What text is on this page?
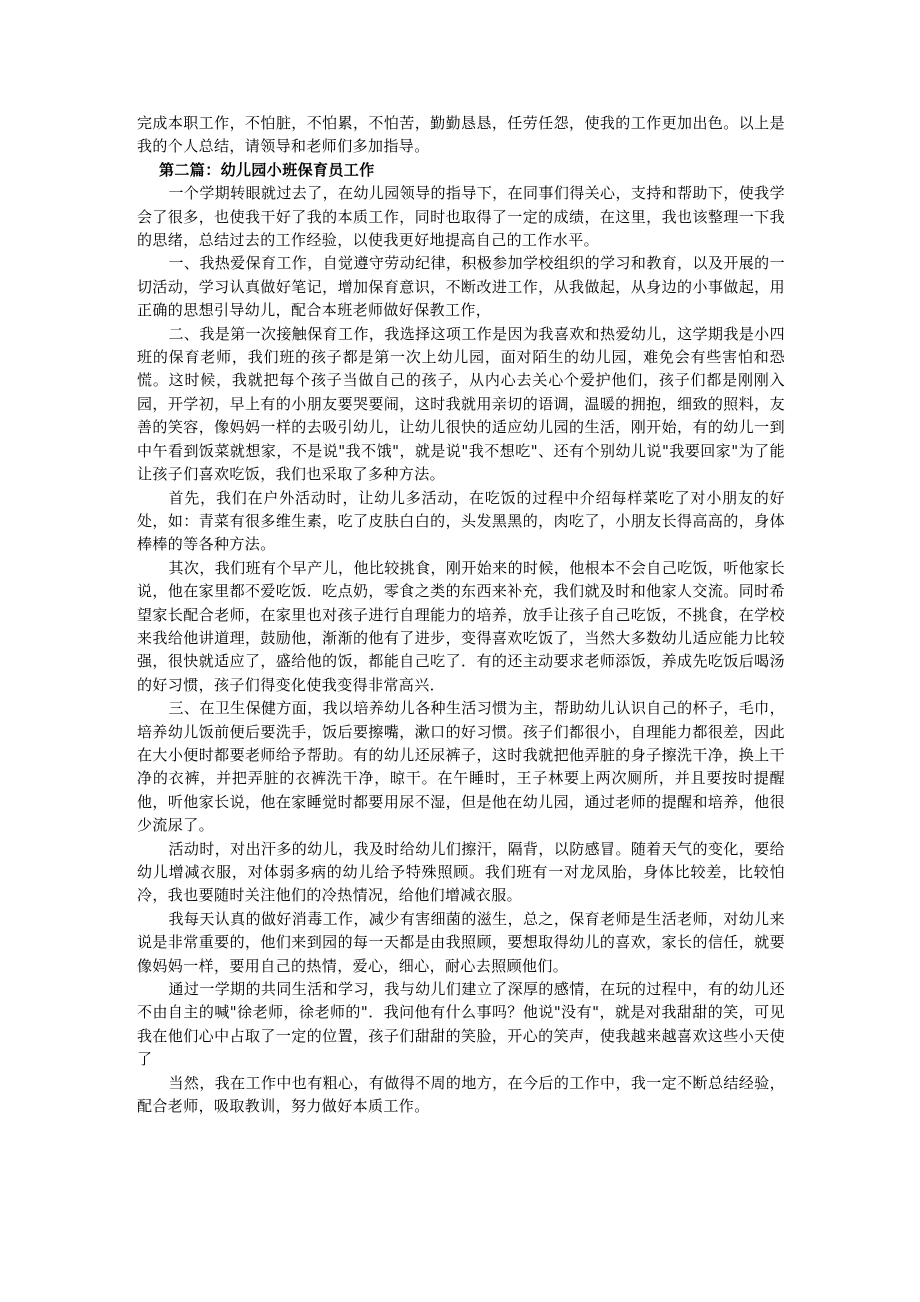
完成本职工作，不怕脏，不怕累，不怕苦，勤勤恳恳，任劳任怨，使我的工作更加出色。以上是我的个人总结，请领导和老师们多加指导。

第二篇：幼儿园小班保育员工作

一个学期转眼就过去了，在幼儿园领导的指导下，在同事们得关心，支持和帮助下，使我学会了很多，也使我干好了我的本质工作，同时也取得了一定的成绩，在这里，我也该整理一下我的思绪，总结过去的工作经验，以使我更好地提高自己的工作水平。

一、我热爱保育工作，自觉遵守劳动纪律，积极参加学校组织的学习和教育，以及开展的一切活动，学习认真做好笔记，增加保育意识，不断改进工作，从我做起，从身边的小事做起，用正确的思想引导幼儿，配合本班老师做好保教工作，

二、我是第一次接触保育工作，我选择这项工作是因为我喜欢和热爱幼儿，这学期我是小四班的保育老师，我们班的孩子都是第一次上幼儿园，面对陌生的幼儿园，难免会有些害怕和恐慌。这时候，我就把每个孩子当做自己的孩子，从内心去关心个爱护他们，孩子们都是刚刚入园，开学初，早上有的小朋友要哭要闹，这时我就用亲切的语调，温暖的拥抱，细致的照料，友善的笑容，像妈妈一样的去吸引幼儿，让幼儿很快的适应幼儿园的生活，刚开始，有的幼儿一到中午看到饭菜就想家，不是说"我不饿"，就是说"我不想吃"、还有个别幼儿说"我要回家"为了能让孩子们喜欢吃饭，我们也采取了多种方法。

首先，我们在户外活动时，让幼儿多活动，在吃饭的过程中介绍每样菜吃了对小朋友的好处，如：青菜有很多维生素，吃了皮肤白白的，头发黑黑的，肉吃了，小朋友长得高高的，身体棒棒的等各种方法。

其次，我们班有个早产儿，他比较挑食，刚开始来的时候，他根本不会自己吃饭，听他家长说，他在家里都不爱吃饭．吃点奶，零食之类的东西来补充，我们就及时和他家人交流。同时希望家长配合老师，在家里也对孩子进行自理能力的培养，放手让孩子自己吃饭，不挑食，在学校来我给他讲道理，鼓励他，渐渐的他有了进步，变得喜欢吃饭了，当然大多数幼儿适应能力比较强，很快就适应了，盛给他的饭，都能自己吃了．有的还主动要求老师添饭，养成先吃饭后喝汤的好习惯，孩子们得变化使我变得非常高兴．

三、在卫生保健方面，我以培养幼儿各种生活习惯为主，帮助幼儿认识自己的杯子，毛巾，培养幼儿饭前便后要洗手，饭后要擦嘴，漱口的好习惯。孩子们都很小，自理能力都很差，因此在大小便时都要老师给予帮助。有的幼儿还尿裤子，这时我就把他弄脏的身子擦洗干净，换上干净的衣裤，并把弄脏的衣裤洗干净，晾干。在午睡时，王子林要上两次厕所，并且要按时提醒他，听他家长说，他在家睡觉时都要用尿不湿，但是他在幼儿园，通过老师的提醒和培养，他很少流尿了。

活动时，对出汗多的幼儿，我及时给幼儿们擦汗，隔背，以防感冒。随着天气的变化，要给幼儿增减衣服，对体弱多病的幼儿给予特殊照顾。我们班有一对龙凤胎，身体比较差，比较怕冷，我也要随时关注他们的冷热情况，给他们增减衣服。

我每天认真的做好消毒工作，减少有害细菌的滋生，总之，保育老师是生活老师，对幼儿来说是非常重要的，他们来到园的每一天都是由我照顾，要想取得幼儿的喜欢，家长的信任，就要像妈妈一样，要用自己的热情，爱心，细心，耐心去照顾他们。

通过一学期的共同生活和学习，我与幼儿们建立了深厚的感情，在玩的过程中，有的幼儿还不由自主的喊"徐老师，徐老师的"．我问他有什么事吗？他说"没有"，就是对我甜甜的笑，可见我在他们心中占取了一定的位置，孩子们甜甜的笑脸，开心的笑声，使我越来越喜欢这些小天使了

当然，我在工作中也有粗心，有做得不周的地方，在今后的工作中，我一定不断总结经验，配合老师，吸取教训，努力做好本质工作。
